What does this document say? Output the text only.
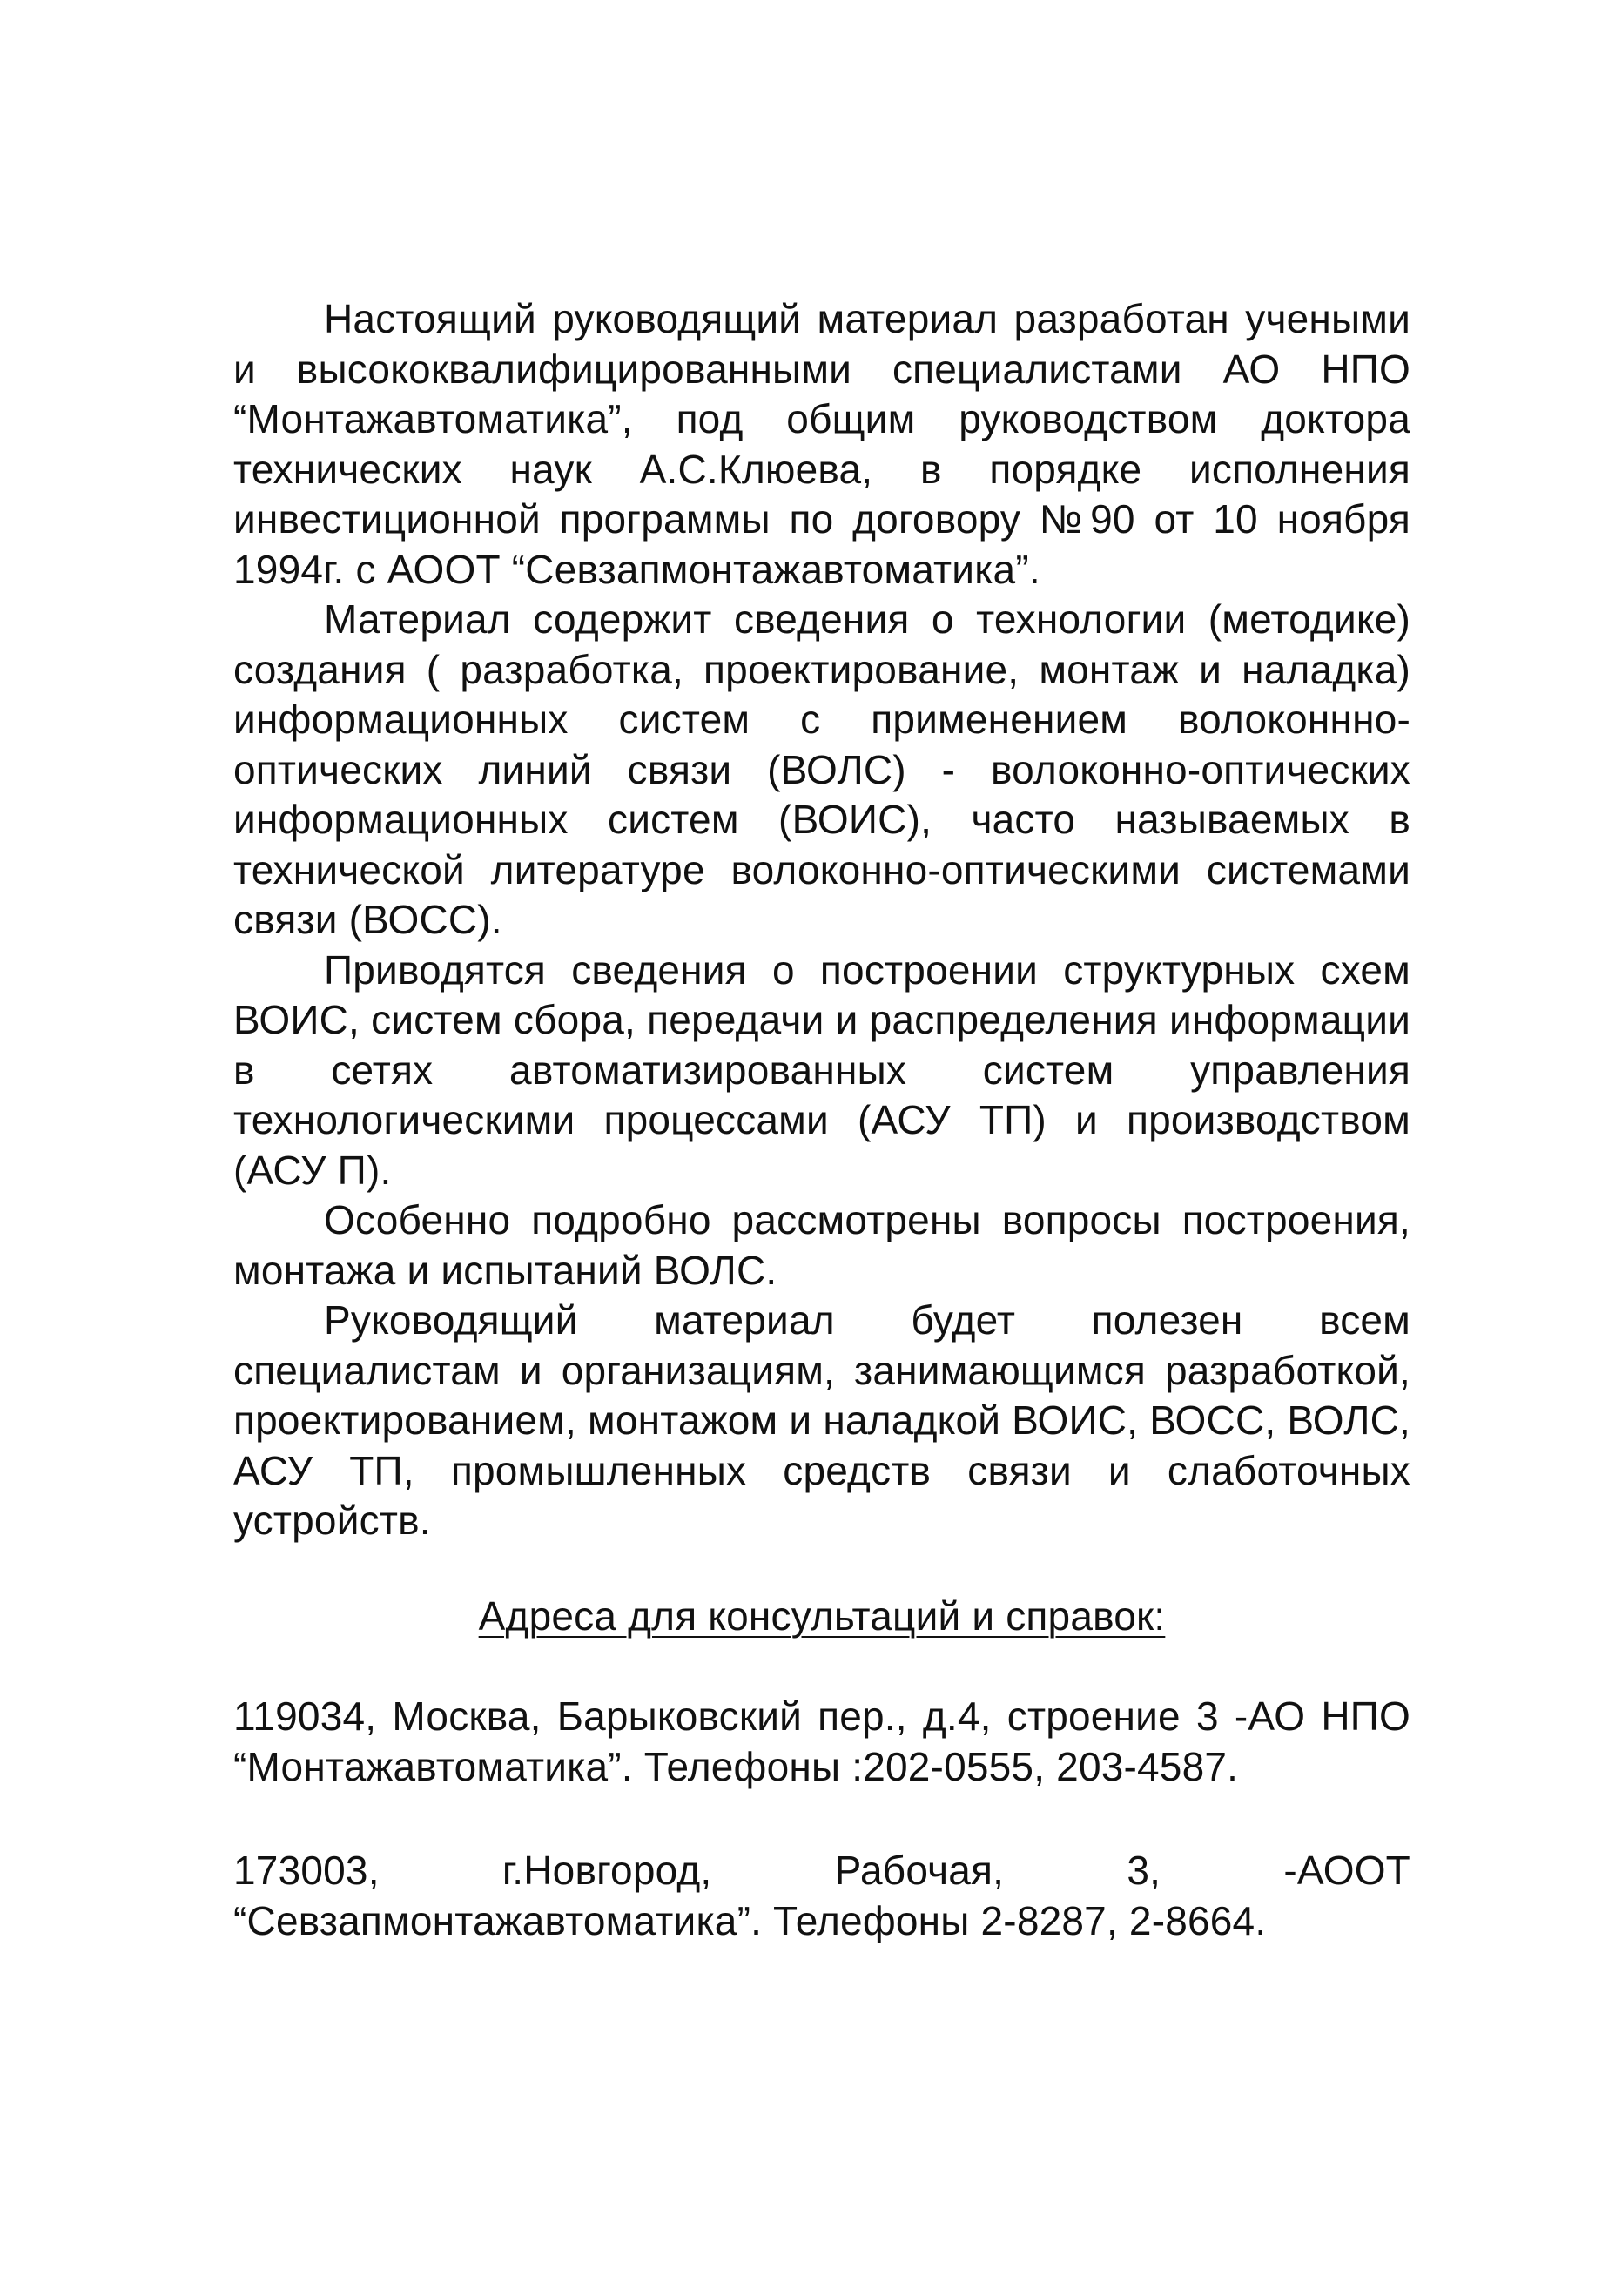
Настоящий руководящий материал разработан учеными и высококвалифицированными специалистами АО НПО “Монтажавтоматика”, под общим руководством доктора технических наук А.С.Клюева, в порядке исполнения инвестиционной программы по договору №90 от 10 ноября 1994г. с АООТ “Севзапмонтажавтоматика”.

Материал содержит сведения о технологии (методике) создания ( разработка, проектирование, монтаж и наладка) информационных систем с применением волоконнно-оптических линий связи (ВОЛС) - волоконно-оптических информационных систем (ВОИС), часто называемых в технической литературе волоконно-оптическими системами связи (ВОСС).

Приводятся сведения о построении структурных схем ВОИС, систем сбора, передачи и распределения информации в сетях автоматизированных систем управления технологическими процессами (АСУ ТП) и производством (АСУ П).

Особенно подробно рассмотрены вопросы построения, монтажа и испытаний ВОЛС.

Руководящий материал будет полезен всем специалистам и организациям, занимающимся разработкой, проектированием, монтажом и наладкой ВОИС, ВОСС, ВОЛС, АСУ ТП, промышленных средств связи и слаботочных устройств.

Адреса для консультаций и справок:

119034, Москва, Барыковский пер., д.4, строение 3 -АО НПО “Монтажавтоматика”. Телефоны :202-0555, 203-4587.

173003, г.Новгород, Рабочая, 3, -АООТ “Севзапмонтажавтоматика”. Телефоны 2-8287, 2-8664.
